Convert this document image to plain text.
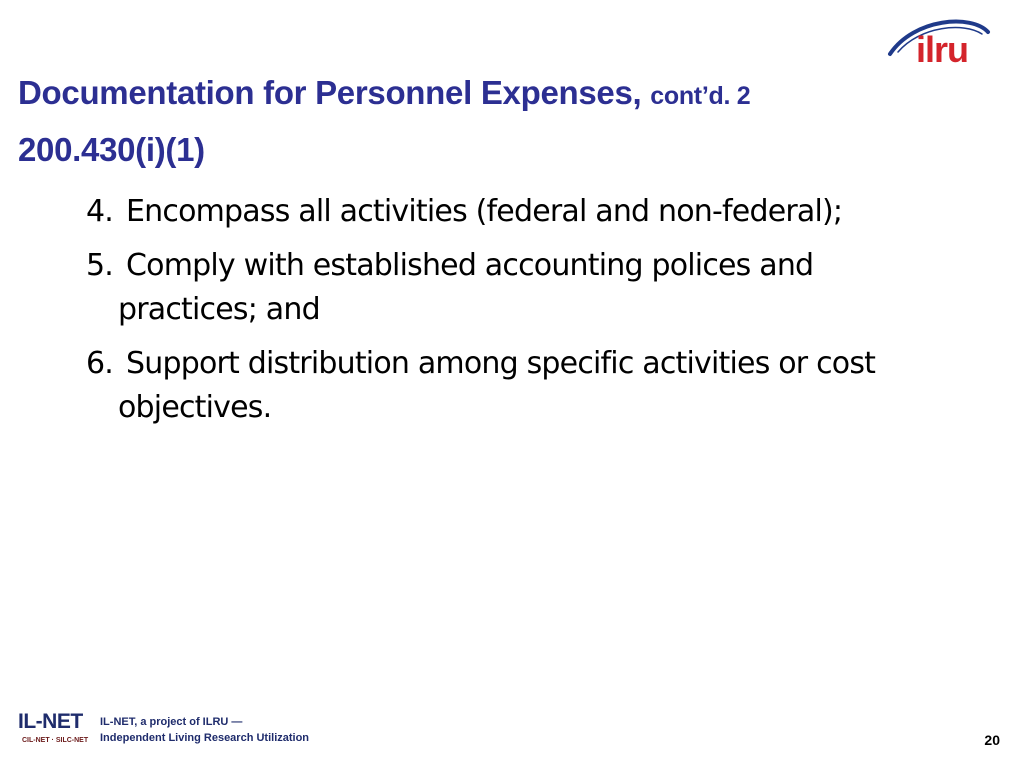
ilru
Documentation for Personnel Expenses, cont’d. 2
200.430(i)(1)
4. Encompass all activities (federal and non-federal);
5. Comply with established accounting polices and
practices; and
6. Support distribution among specific activities or cost
objectives.
IL-NET
CIL-NET · SILC-NET
IL-NET, a project of ILRU —
Independent Living Research Utilization	20
